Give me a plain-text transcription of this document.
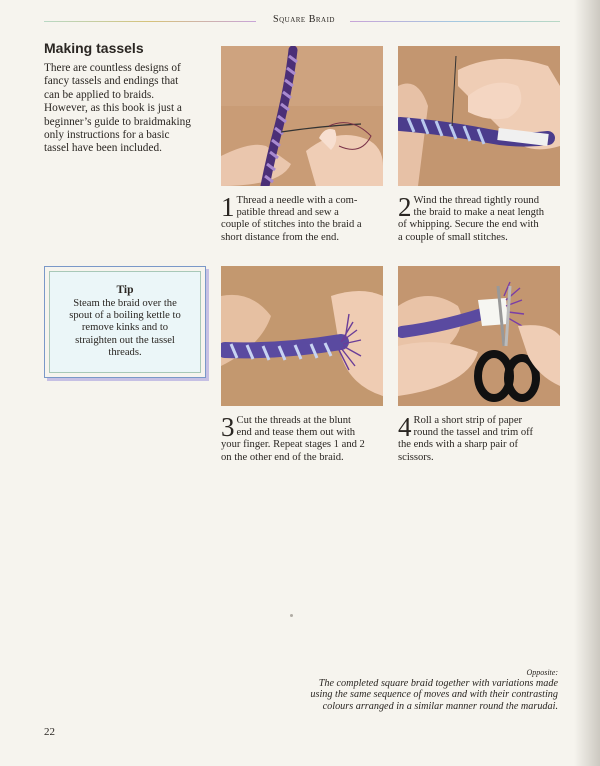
Square Braid
Making tassels

There are countless designs of
fancy tassels and endings that
can be applied to braids.
However, as this book is just a
beginner’s guide to braidmaking
only instructions for a basic
tassel have been included.

1 Thread a needle with a com-
patible thread and sew a
couple of stitches into the braid a
short distance from the end.
2 Wind the thread tightly round
the braid to make a neat length
of whipping. Secure the end with
a couple of small stitches.
Tip
Steam the braid over the
spout of a boiling kettle to
remove kinks and to
straighten out the tassel
threads.
3 Cut the threads at the blunt
end and tease them out with
your finger. Repeat stages 1 and 2
on the other end of the braid.
4 Roll a short strip of paper
round the tassel and trim off
the ends with a sharp pair of
scissors.
Opposite:
The completed square braid together with variations made
using the same sequence of moves and with their contrasting
colours arranged in a similar manner round the marudai.
22
